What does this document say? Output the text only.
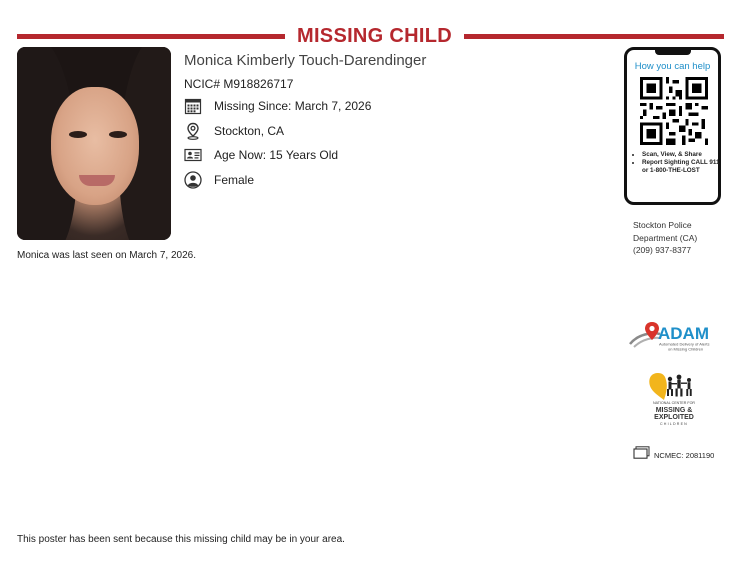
MISSING CHILD
Monica Kimberly Touch-Darendinger
NCIC# M918826717
Missing Since: March 7, 2026
Stockton, CA
Age Now: 15 Years Old
Female
Monica was last seen on March 7, 2026.
How you can help
• Scan, View, & Share
• Report Sighting CALL 911 or 1-800-THE-LOST
Stockton Police
Department (CA)
(209) 937-8377
ADAM
Automated Delivery of Alerts
on Missing Children
NATIONAL CENTER FOR
MISSING &
EXPLOITED
CHILDREN
NCMEC: 2081190
This poster has been sent because this missing child may be in your area.
